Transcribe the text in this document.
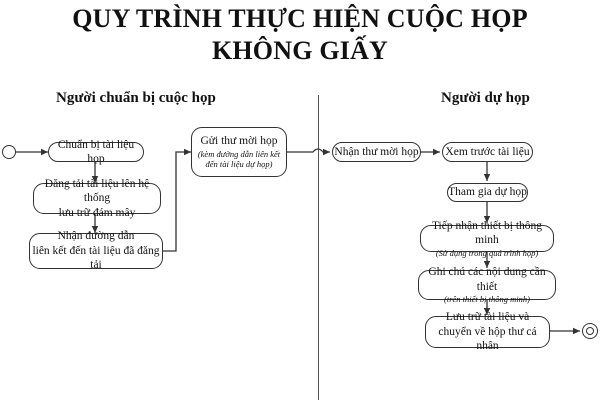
QUY TRÌNH THỰC HIỆN CUỘC HỌP
KHÔNG GIẤY
Người chuẩn bị cuộc họp	Người dự họp
Chuẩn bị tài liệu họp
Đăng tải tài liệu lên hệ thống
lưu trữ đám mây
Nhận đường dẫn
liên kết đến tài liệu đã đăng tải
Gửi thư mời họp
(kèm đường dẫn liên kết
đến tài liệu dự họp)
Nhận thư mời họp Xem trước tài liệu
Tham gia dự họp
Tiếp nhận thiết bị thông minh
(Sử dụng trong quá trình họp)
Ghi chú các nội dung cần thiết
(trên thiết bị thông minh)
Lưu trữ tài liệu và
chuyển về hộp thư cá nhân
